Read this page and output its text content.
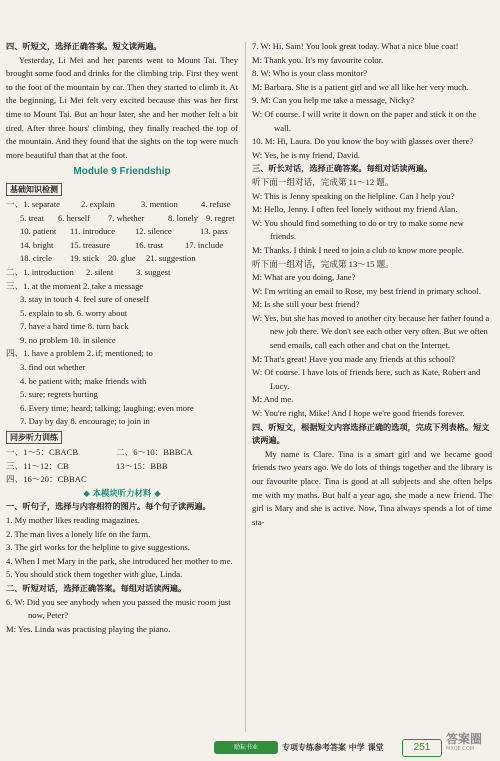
四、听短文，选择正确答案。短文读两遍。

Yesterday, Li Mei and her parents went to Mount Tai. They brought some food and drinks for the climbing trip. First they went to the foot of the mountain by car. Then they started to climb it. At the beginning, Li Mei felt very excited because this was her first time to Mount Tai. But an hour later, she and her mother felt a bit tired. After three hours' climbing, they finally reached the top of the mountain. And they found that the sights on the top were much more beautiful than that at the foot.

Module 9 Friendship
基础知识检测
一、1. separate 2. explain	3. mention	4. refuse
5. treat 6. herself 7. whether	8. lonely 9. regret
10. patient 11. introduce 12. silence	13. pass
14. bright 15. treasure	16. trust	17. include
18. circle 19. stick 20. glue 21. suggestion
二、1. introduction 2. silent	3. suggest
三、1. at the moment 2. take a message
3. stay in touch 4. feel sure of oneself
5. explain to sb. 6. worry about
7. have a hard time 8. turn back
9. no problem 10. in silence
四、1. have a problem 2. if; mentioned; to
3. find out whether
4. be patient with; make friends with
5. sure; regrets hurting
6. Every time; heard; talking; laughing; even more
7. Day by day 8. encourage; to join in
同步听力训练
一、1～5：CBACB	二、6～10：BBBCA
三、11～12：CB	13～15：BBB
四、16～20：CBBAC
◆ 本模块听力材料 ◆
一、听句子，选择与内容相符的图片。每个句子读两遍。

1. My mother likes reading magazines.

2. The man lives a lonely life on the farm.

3. The girl works for the helpline to give suggestions.

4. When I met Mary in the park, she introduced her mother to me.

5. You should stick them together with glue, Linda.

二、听短对话，选择正确答案。每组对话读两遍。

6. W: Did you see anybody when you passed the music room just now, Peter?

M: Yes. Linda was practising playing the piano.

7. W: Hi, Sam! You look great today. What a nice blue coat!

M: Thank you. It's my favourite color.

8. W: Who is your class monitor?

M: Barbara. She is a patient girl and we all like her very much.

9. M: Can you help me take a message, Nicky?

W: Of course. I will write it down on the paper and stick it on the wall.

10. M: Hi, Laura. Do you know the boy with glasses over there?

W: Yes, he is my friend, David.

三、听长对话，选择正确答案。每组对话读两遍。
听下面一组对话，完成第 11～12 题。

W: This is Jenny speaking on the helpline. Can I help you?

M: Hello, Jenny. I often feel lonely without my friend Alan.

W: You should find something to do or try to make some new friends.

M: Thanks. I think I need to join a club to know more people.

听下面一组对话，完成第 13～15 题。

M: What are you doing, Jane?

W: I'm writing an email to Rose, my best friend in primary school.

M: Is she still your best friend?

W: Yes, but she has moved to another city because her father found a new job there. We don't see each other very often. But we often send emails, call each other and chat on the Internet.

M: That's great! Have you made any friends at this school?

W: Of course. I have lots of friends here, such as Kate, Robert and Lucy.

M: And me.

W: You're right, Mike! And I hope we're good friends forever.

四、听短文，根据短文内容选择正确的选项，完成下列表格。短文读两遍。

My name is Clare. Tina is a smart girl and we became good friends two years ago. We do lots of things together and the library is our favourite place. Tina is good at all subjects and she often helps me with my maths. But half a year ago, she made a new friend. The girl is Mary and she is active. Now, Tina always spends a lot of time sta-

励耘书业	专项专练参考答案 中学 课堂	251
答案圈
MXQE.COM
